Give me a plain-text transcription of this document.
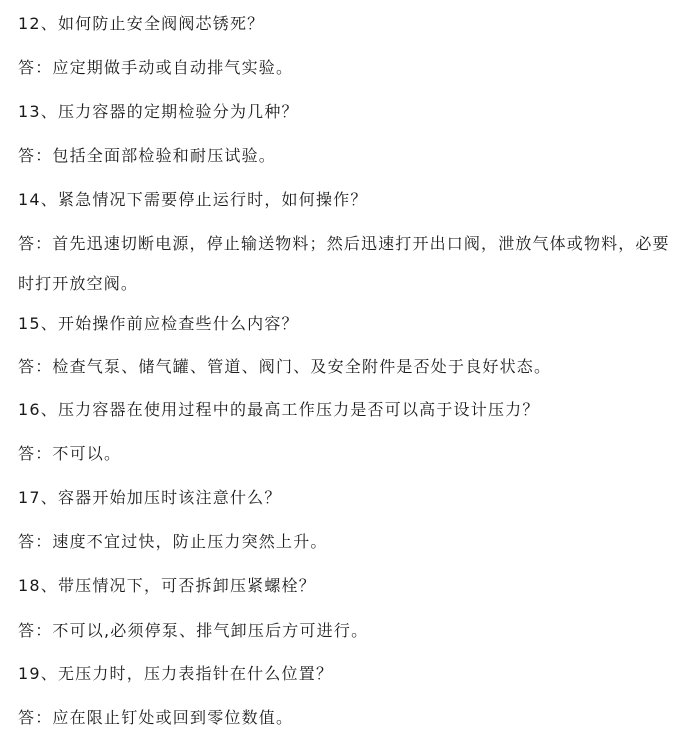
12、如何防止安全阀阀芯锈死？
答：应定期做手动或自动排气实验。
13、压力容器的定期检验分为几种？
答：包括全面部检验和耐压试验。
14、紧急情况下需要停止运行时，如何操作？
答：首先迅速切断电源，停止输送物料；然后迅速打开出口阀，泄放气体或物料，必要时打开放空阀。
15、开始操作前应检查些什么内容？
答：检查气泵、储气罐、管道、阀门、及安全附件是否处于良好状态。
16、压力容器在使用过程中的最高工作压力是否可以高于设计压力？
答：不可以。
17、容器开始加压时该注意什么？
答：速度不宜过快，防止压力突然上升。
18、带压情况下，可否拆卸压紧螺栓？
答：不可以,必须停泵、排气卸压后方可进行。
19、无压力时，压力表指针在什么位置？
答：应在限止钉处或回到零位数值。
